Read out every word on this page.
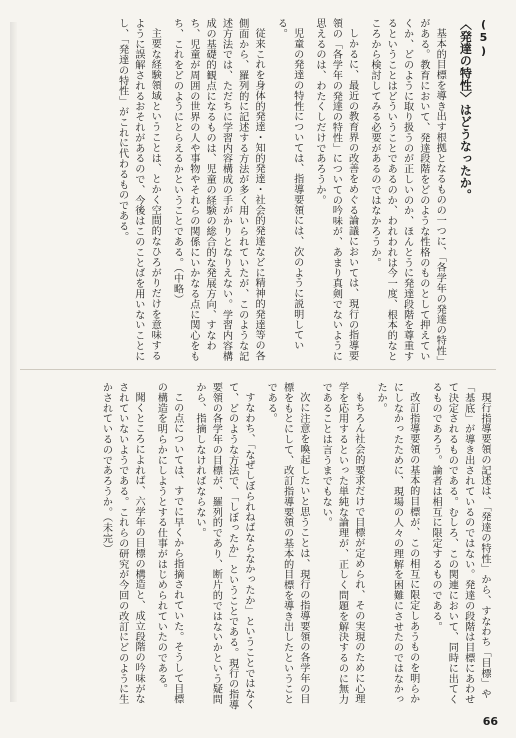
(5)
〈発達の特性〉はどうなったか。

基本的目標を導き出す根拠となるものの一つに、「各学年の発達の特性」がある。教育において、発達段階をどのような性格のものとして押えていくか、どのように取り扱うのが正しいのか、ほんとうに発達段階を尊重するということはどういうことであるのか、われわれは今一度、根本的なところから検討してみる必要があるのではなかろうか。

しかるに、最近の教育界の改善をめぐる論議においては、現行の指導要領の「各学年の発達の特性」についての吟味が、あまり真剣でないように思えるのは、わたくしだけであろうか。

児童の発達の特性については、指導要領には、次のように説明している。

従来これを身体的発達・知的発達・社会的発達などに精神的発達等の各側面から、羅列的に記述する方法が多く用いられていたが、このような記述方法では、ただちに学習内容構成の手がかりとなりえない。学習内容構成の基礎的観点になるものは、児童の経験の総合的な発展方向、すなわち、児童が周囲の世界の人や事物やそれらの関係にいかなる点に関心をもち、これをどのようにとらえるかということである。（中略）

主要な経験領域ということは、とかく空間的なひろがりだけを意味するように誤解されるおそれがあるので、今後はこのことばを用いないことにし、「発達の特性」がこれに代わるものである。

現行指導要領の記述は、「発達の特性」から、すなわち「目標」や「基底」が導き出されているのではない。発達の段階は目標にあわせて決定されるものである。むしろ、この関連において、同時に出てくるものであろう。論者は相互に限定するものである。

改訂指導要領の基本的目標が、この相互に限定しあうものを明らかにしなかったために、現場の人々の理解を困難にさせたのではなかったか。

もちろん社会的要求だけで目標が定められ、その実現のために心理学を応用するといった単純な論理が、正しく問題を解決するのに無力であることは言うまでもない。

次に注意を喚起したいと思うことは、現行の指導要領の各学年の目標をもとにして、改訂指導要領の基本的目標を導き出したということである。

すなわち、「なぜしぼられねばならなかったか」ということではなくて、どのような方法で、「しぼったか」ということである。現行の指導要領の各学年の目標が、羅列的であり、断片的ではないかという疑問から、指摘しなければならない。

この点については、すでに早くから指摘されていた。そうして目標の構造を明らかにしようとする仕事がはじめられていたのである。

聞くところによれば、六学年の目標の構造と、成立段階の吟味がなされていないようである。これらの研究が今回の改訂にどのように生かされているのであろうか。（未完）

66
